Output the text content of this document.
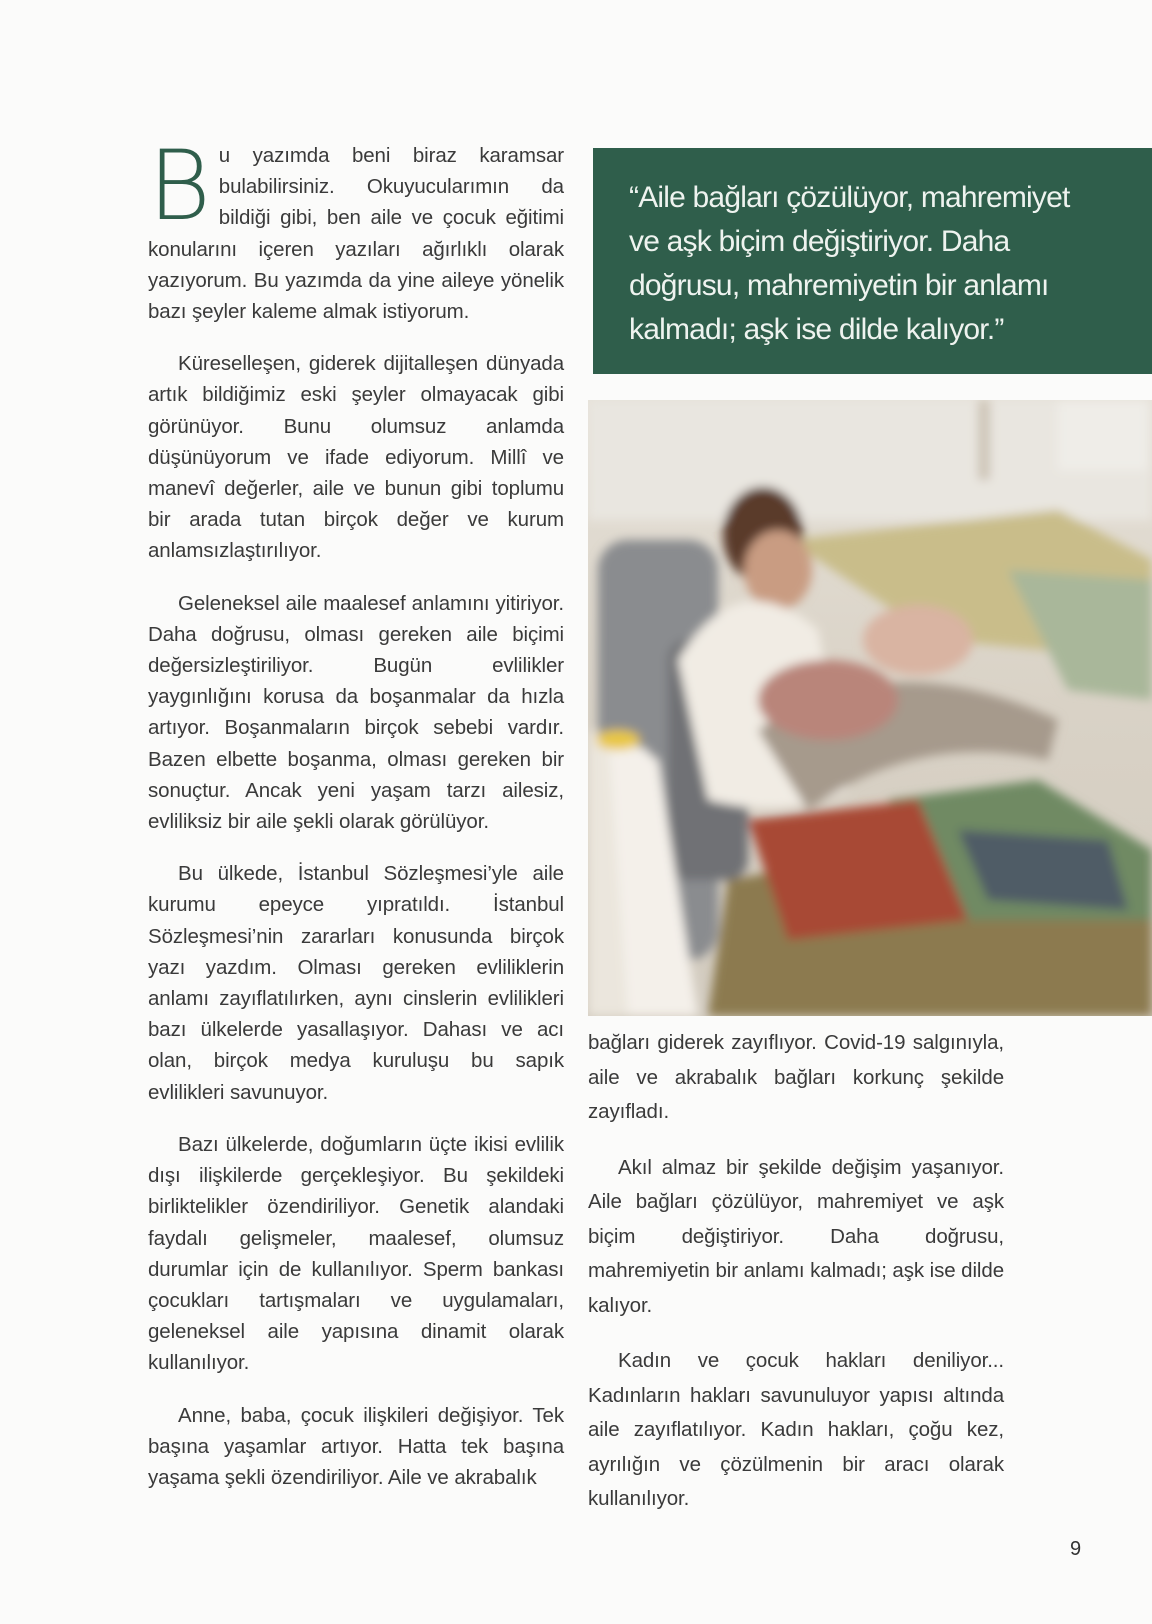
Bu yazımda beni biraz karamsar bulabilirsiniz. Okuyucularımın da bildiği gibi, ben aile ve çocuk eğitimi konularını içeren yazıları ağırlıklı olarak yazıyorum. Bu yazımda da yine aileye yönelik bazı şeyler kaleme almak istiyorum.

Küreselleşen, giderek dijitalleşen dünyada artık bildiğimiz eski şeyler olmayacak gibi görünüyor. Bunu olumsuz anlamda düşünüyorum ve ifade ediyorum. Millî ve manevî değerler, aile ve bunun gibi toplumu bir arada tutan birçok değer ve kurum anlamsızlaştırılıyor.

Geleneksel aile maalesef anlamını yitiriyor. Daha doğrusu, olması gereken aile biçimi değersizleştiriliyor. Bugün evlilikler yaygınlığını korusa da boşanmalar da hızla artıyor. Boşanmaların birçok sebebi vardır. Bazen elbette boşanma, olması gereken bir sonuçtur. Ancak yeni yaşam tarzı ailesiz, evliliksiz bir aile şekli olarak görülüyor.

Bu ülkede, İstanbul Sözleşmesi’yle aile kurumu epeyce yıpratıldı. İstanbul Sözleşmesi’nin zararları konusunda birçok yazı yazdım. Olması gereken evliliklerin anlamı zayıflatılırken, aynı cinslerin evlilikleri bazı ülkelerde yasallaşıyor. Dahası ve acı olan, birçok medya kuruluşu bu sapık evlilikleri savunuyor.

Bazı ülkelerde, doğumların üçte ikisi evlilik dışı ilişkilerde gerçekleşiyor. Bu şekildeki birliktelikler özendiriliyor. Genetik alandaki faydalı gelişmeler, maalesef, olumsuz durumlar için de kullanılıyor. Sperm bankası çocukları tartışmaları ve uygulamaları, geleneksel aile yapısına dinamit olarak kullanılıyor.

Anne, baba, çocuk ilişkileri değişiyor. Tek başına yaşamlar artıyor. Hatta tek başına yaşama şekli özendiriliyor. Aile ve akrabalık

“Aile bağları çözülüyor, mahremiyet ve aşk biçim değiştiriyor. Daha doğrusu, mahremiyetin bir anlamı kalmadı; aşk ise dilde kalıyor.”

bağları giderek zayıflıyor. Covid-19 salgınıyla, aile ve akrabalık bağları korkunç şekilde zayıfladı.

Akıl almaz bir şekilde değişim yaşanıyor. Aile bağları çözülüyor, mahremiyet ve aşk biçim değiştiriyor. Daha doğrusu, mahremiyetin bir anlamı kalmadı; aşk ise dilde kalıyor.

Kadın ve çocuk hakları deniliyor... Kadınların hakları savunuluyor yapısı altında aile zayıflatılıyor. Kadın hakları, çoğu kez, ayrılığın ve çözülmenin bir aracı olarak kullanılıyor.

9
